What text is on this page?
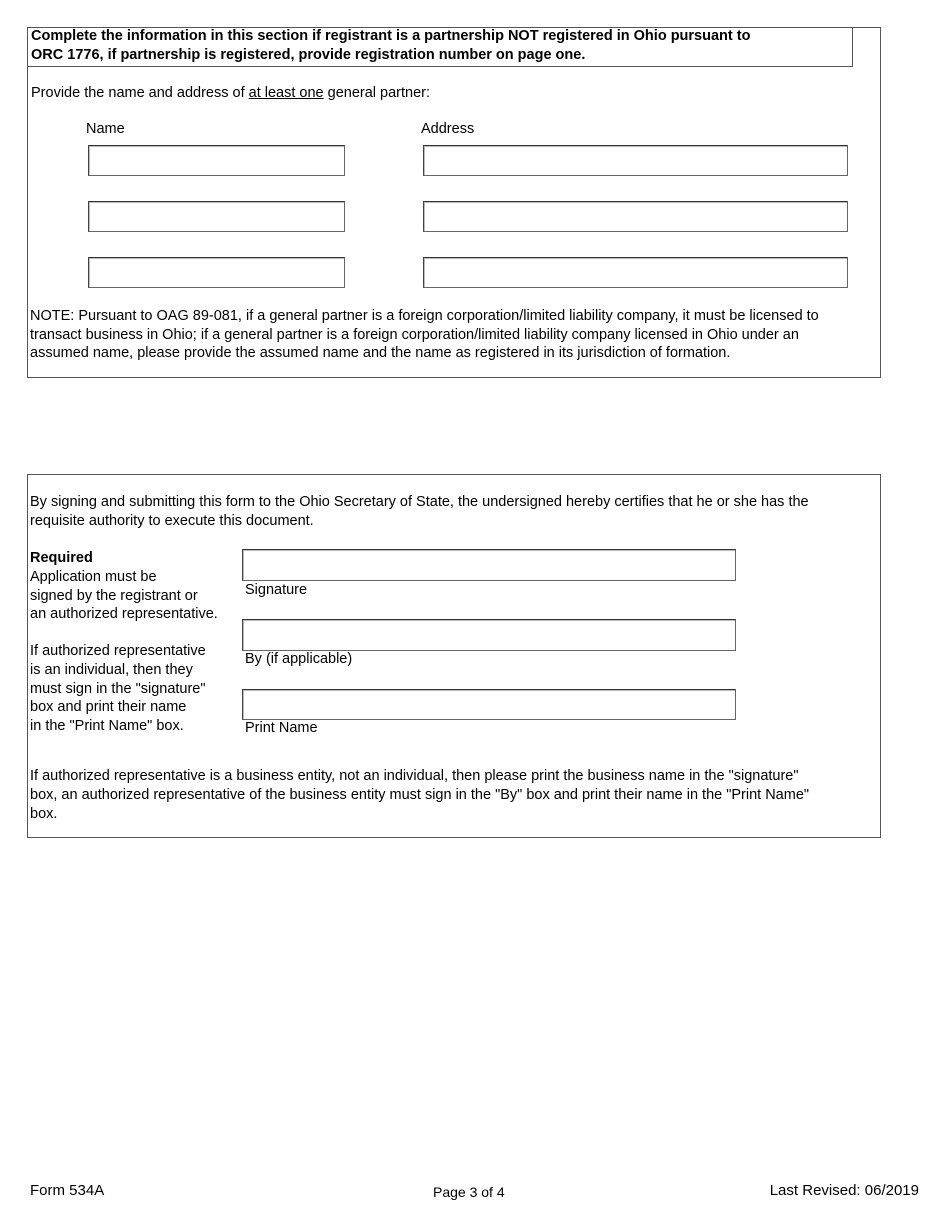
Complete the information in this section if registrant is a partnership NOT registered in Ohio pursuant to
ORC 1776, if partnership is registered, provide registration number on page one.
Provide the name and address of at least one general partner:
Name	Address
NOTE: Pursuant to OAG 89-081, if a general partner is a foreign corporation/limited liability company, it must be licensed to
transact business in Ohio; if a general partner is a foreign corporation/limited liability company licensed in Ohio under an
assumed name, please provide the assumed name and the name as registered in its jurisdiction of formation.
By signing and submitting this form to the Ohio Secretary of State, the undersigned hereby certifies that he or she has the
requisite authority to execute this document.
Required
Application must be
signed by the registrant or
an authorized representative.
If authorized representative
is an individual, then they
must sign in the "signature"
box and print their name
in the "Print Name" box.
Signature
By (if applicable)
Print Name
If authorized representative is a business entity, not an individual, then please print the business name in the "signature"
box, an authorized representative of the business entity must sign in the "By" box and print their name in the "Print Name"
box.
Form 534A	Page 3 of 4	Last Revised: 06/2019
